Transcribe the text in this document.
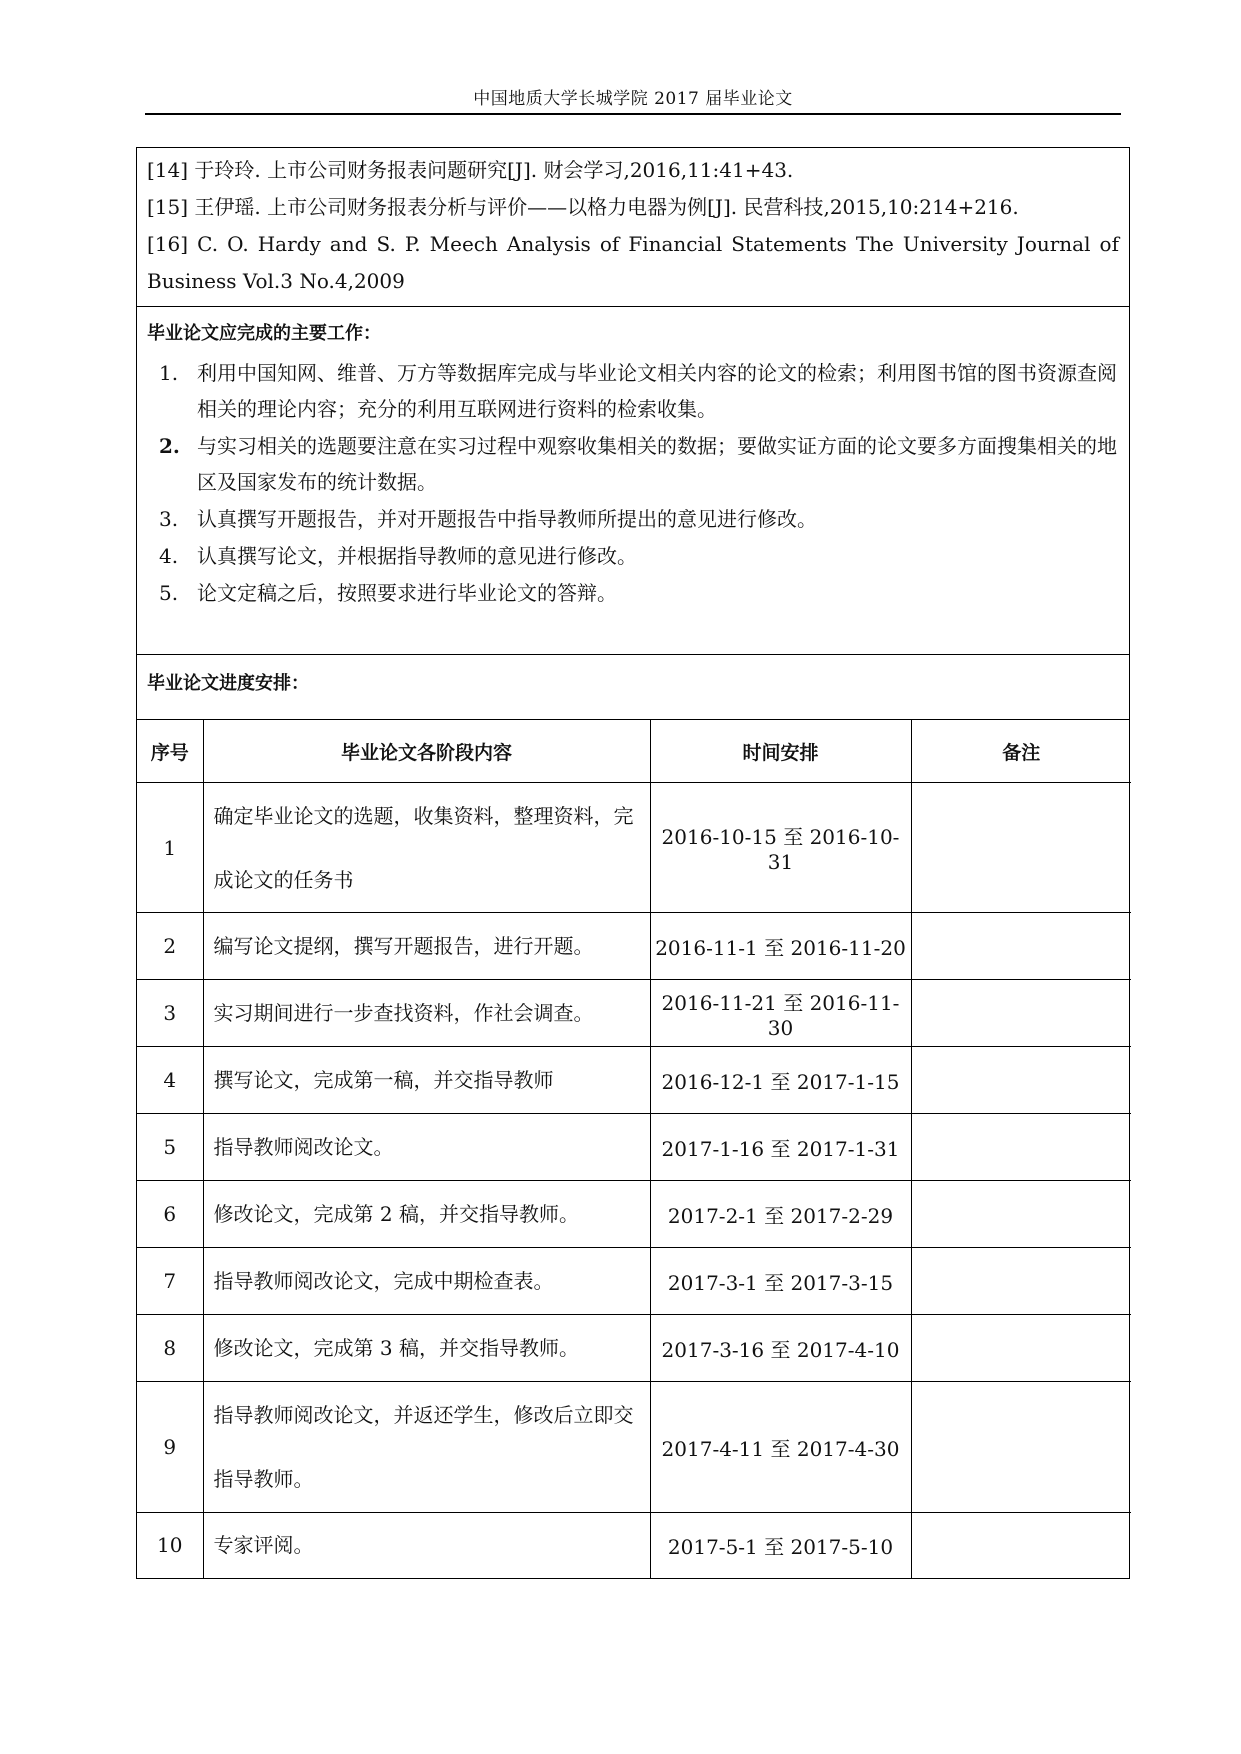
中国地质大学长城学院 2017 届毕业论文

[14] 于玲玲. 上市公司财务报表问题研究[J]. 财会学习,2016,11:41+43.

[15] 王伊瑶. 上市公司财务报表分析与评价——以格力电器为例[J]. 民营科技,2015,10:214+216.

[16] C. O. Hardy and S. P. Meech Analysis of Financial Statements The University Journal of Business Vol.3 No.4,2009

毕业论文应完成的主要工作：
1. 利用中国知网、维普、万方等数据库完成与毕业论文相关内容的论文的检索；利用图书馆的图书资源查阅相关的理论内容；充分的利用互联网进行资料的检索收集。
2. 与实习相关的选题要注意在实习过程中观察收集相关的数据；要做实证方面的论文要多方面搜集相关的地区及国家发布的统计数据。
3. 认真撰写开题报告，并对开题报告中指导教师所提出的意见进行修改。
4. 认真撰写论文，并根据指导教师的意见进行修改。
5. 论文定稿之后，按照要求进行毕业论文的答辩。
毕业论文进度安排：
序号	毕业论文各阶段内容	时间安排	备注
1	确定毕业论文的选题，收集资料，整理资料，完成论文的任务书	2016-10-15 至 2016-10-31	
2	编写论文提纲，撰写开题报告，进行开题。	2016-11-1 至 2016-11-20	
3	实习期间进行一步查找资料，作社会调查。	2016-11-21 至 2016-11-30	
4	撰写论文，完成第一稿，并交指导教师	2016-12-1 至 2017-1-15	
5	指导教师阅改论文。	2017-1-16 至 2017-1-31	
6	修改论文，完成第 2 稿，并交指导教师。	2017-2-1 至 2017-2-29	
7	指导教师阅改论文，完成中期检查表。	2017-3-1 至 2017-3-15	
8	修改论文，完成第 3 稿，并交指导教师。	2017-3-16 至 2017-4-10	
9	指导教师阅改论文，并返还学生，修改后立即交指导教师。	2017-4-11 至 2017-4-30	
10	专家评阅。	2017-5-1 至 2017-5-10	
